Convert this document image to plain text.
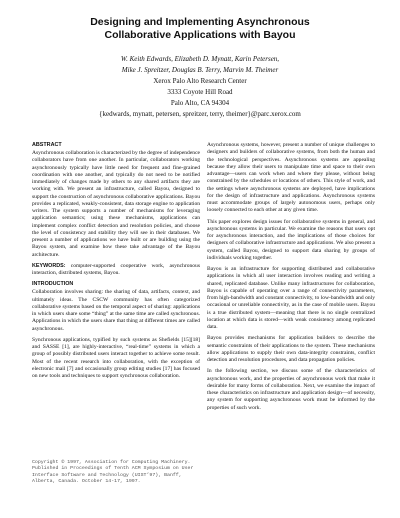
Designing and Implementing Asynchronous
Collaborative Applications with Bayou
W. Keith Edwards, Elizabeth D. Mynatt, Karin Petersen,
Mike J. Spreitzer, Douglas B. Terry, Marvin M. Theimer
Xerox Palo Alto Research Center
3333 Coyote Hill Road
Palo Alto, CA 94304
{kedwards, mynatt, petersen, spreitzer, terry, theimer}@parc.xerox.com
ABSTRACT

Asynchronous collaboration is characterized by the degree of independence collaborators have from one another. In particular, collaborators working asynchronously typically have little need for frequent and fine-grained coordination with one another, and typically do not need to be notified immediately of changes made by others to any shared artifacts they are working with. We present an infrastructure, called Bayou, designed to support the construction of asynchronous collaborative applications. Bayou provides a replicated, weakly-consistent, data storage engine to application writers. The system supports a number of mechanisms for leveraging application semantics; using these mechanisms, applications can implement complex conflict detection and resolution policies, and choose the level of consistency and stability they will see in their databases. We present a number of applications we have built or are building using the Bayou system, and examine how these take advantage of the Bayou architecture.

KEYWORDS: computer-supported cooperative work, asynchronous interaction, distributed systems, Bayou.

INTRODUCTION

Collaboration involves sharing: the sharing of data, artifacts, context, and ultimately ideas. The CSCW community has often categorized collaborative systems based on the temporal aspect of sharing: applications in which users share some “thing” at the same time are called synchronous. Applications in which the users share that thing at different times are called asynchronous.

Synchronous applications, typified by such systems as Shefields [15][18] and SASSE [1], are highly-interactive, “real-time” systems in which a group of possibly distributed users interact together to achieve some result. Most of the recent research into collaboration, with the exception of electronic mail [7] and occasionally group editing studies [17] has focused on new tools and techniques to support synchronous collaboration.

Copyright © 1997, Association for Computing Machinery. Published in Proceedings of Tenth ACM Symposium on User Interface Software and Technology (UIST’97), Banff, Alberta, Canada. October 14-17, 1997.

Asynchronous systems, however, present a number of unique challenges to designers and builders of collaborative systems, from both the human and the technological perspectives. Asynchronous systems are appealing because they allow their users to manipulate time and space to their own advantage—users can work when and where they please, without being constrained by the schedules or locations of others. This style of work, and the settings where asynchronous systems are deployed, have implications for the design of infrastructure and applications. Asynchronous systems must accommodate groups of largely autonomous users, perhaps only loosely connected to each other at any given time.

This paper explores design issues for collaborative systems in general, and asynchronous systems in particular. We examine the reasons that users opt for asynchronous interaction, and the implications of those choices for designers of collaborative infrastructure and applications. We also present a system, called Bayou, designed to support data sharing by groups of individuals working together.

Bayou is an infrastructure for supporting distributed and collaborative applications in which all user interaction involves reading and writing a shared, replicated database. Unlike many infrastructures for collaboration, Bayou is capable of operating over a range of connectivity parameters, from high-bandwidth and constant connectivity, to low-bandwidth and only occasional or unreliable connectivity, as in the case of mobile users. Bayou is a true distributed system—meaning that there is no single centralized location at which data is stored—with weak consistency among replicated data.

Bayou provides mechanisms for application builders to describe the semantic constraints of their applications to the system. These mechanisms allow applications to supply their own data-integrity constraints, conflict detection and resolution procedures, and data propagation policies.

In the following section, we discuss some of the characteristics of asynchronous work, and the properties of asynchronous work that make it desirable for many forms of collaboration. Next, we examine the impact of these characteristics on infrastructure and application design—of necessity, any system for supporting asynchronous work must be informed by the properties of such work.
